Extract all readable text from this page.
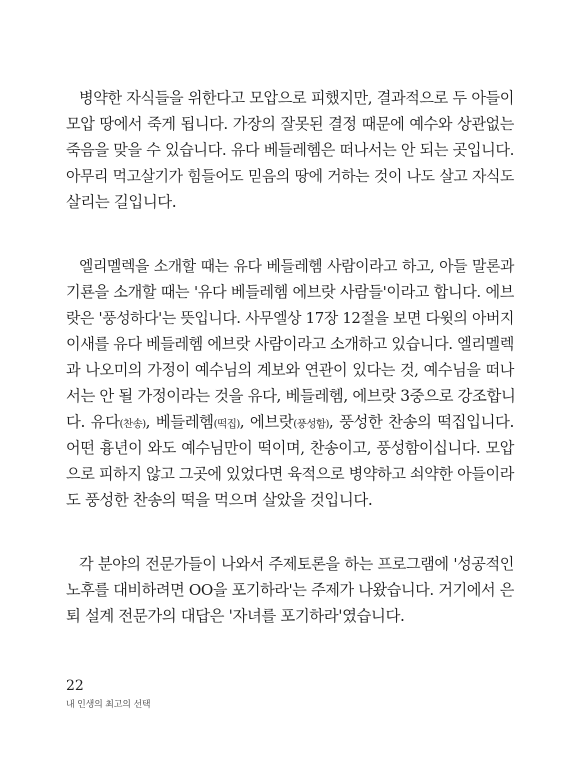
병약한 자식들을 위한다고 모압으로 피했지만, 결과적으로 두 아들이

모압 땅에서 죽게 됩니다. 가장의 잘못된 결정 때문에 예수와 상관없는

죽음을 맞을 수 있습니다. 유다 베들레헴은 떠나서는 안 되는 곳입니다.

아무리 먹고살기가 힘들어도 믿음의 땅에 거하는 것이 나도 살고 자식도

살리는 길입니다.

엘리멜렉을 소개할 때는 유다 베들레헴 사람이라고 하고, 아들 말론과

기룐을 소개할 때는 '유다 베들레헴 에브랏 사람들'이라고 합니다. 에브

랏은 '풍성하다'는 뜻입니다. 사무엘상 17장 12절을 보면 다윗의 아버지

이새를 유다 베들레헴 에브랏 사람이라고 소개하고 있습니다. 엘리멜렉

과 나오미의 가정이 예수님의 계보와 연관이 있다는 것, 예수님을 떠나

서는 안 될 가정이라는 것을 유다, 베들레헴, 에브랏 3중으로 강조합니

다. 유다(찬송), 베들레헴(떡집), 에브랏(풍성함), 풍성한 찬송의 떡집입니다.

어떤 흉년이 와도 예수님만이 떡이며, 찬송이고, 풍성함이십니다. 모압

으로 피하지 않고 그곳에 있었다면 육적으로 병약하고 쇠약한 아들이라

도 풍성한 찬송의 떡을 먹으며 살았을 것입니다.

각 분야의 전문가들이 나와서 주제토론을 하는 프로그램에 '성공적인

노후를 대비하려면 OO을 포기하라'는 주제가 나왔습니다. 거기에서 은

퇴 설계 전문가의 대답은 '자녀를 포기하라'였습니다.

22

내 인생의 최고의 선택
